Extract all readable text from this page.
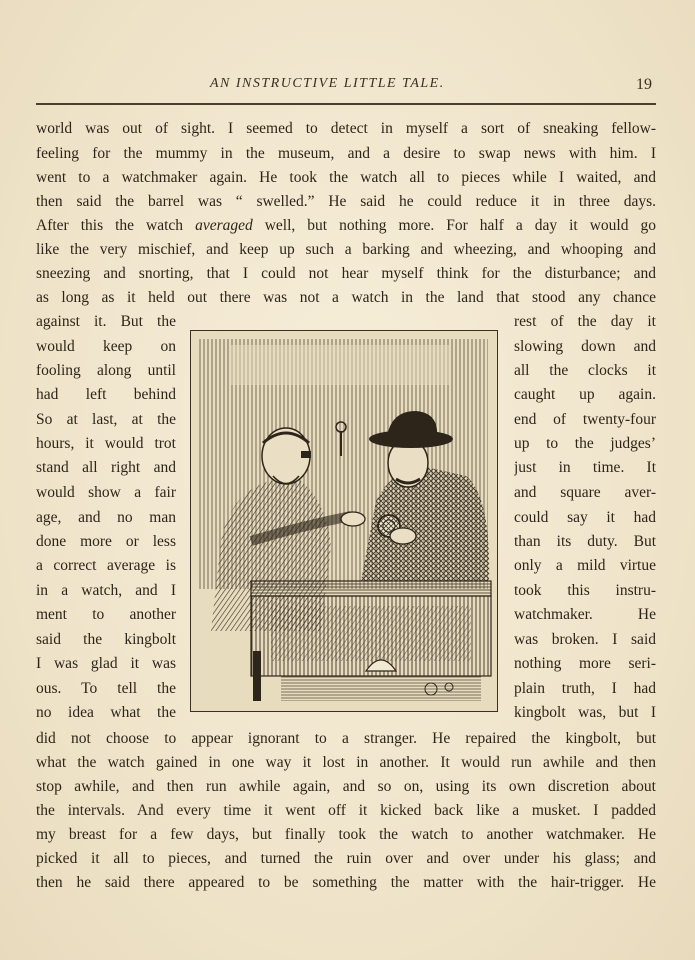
AN INSTRUCTIVE LITTLE TALE.	19
world was out of sight. I seemed to detect in myself a sort of sneaking fellow-
feeling for the mummy in the museum, and a desire to swap news with him. I
went to a watchmaker again. He took the watch all to pieces while I waited, and
then said the barrel was “ swelled.” He said he could reduce it in three days.
After this the watch averaged well, but nothing more. For half a day it would go
like the very mischief, and keep up such a barking and wheezing, and whooping and
sneezing and snorting, that I could not hear myself think for the disturbance; and
as long as it held out there was not a watch in the land that stood any chance
against it. But the
would keep on
fooling along until
had left behind
So at last, at the
hours, it would trot
stand all right and
would show a fair
age, and no man
done more or less
a correct average is
in a watch, and I
ment to another
said the kingbolt
I was glad it was
ous. To tell the
no idea what the
rest of the day it
slowing down and
all the clocks it
caught up again.
end of twenty-four
up to the judges’
just in time. It
and square aver-
could say it had
than its duty. But
only a mild virtue
took this instru-
watchmaker. He
was broken. I said
nothing more seri-
plain truth, I had
kingbolt was, but I
did not choose to appear ignorant to a stranger. He repaired the kingbolt, but
what the watch gained in one way it lost in another. It would run awhile and then
stop awhile, and then run awhile again, and so on, using its own discretion about
the intervals. And every time it went off it kicked back like a musket. I padded
my breast for a few days, but finally took the watch to another watchmaker. He
picked it all to pieces, and turned the ruin over and over under his glass; and
then he said there appeared to be something the matter with the hair-trigger. He
